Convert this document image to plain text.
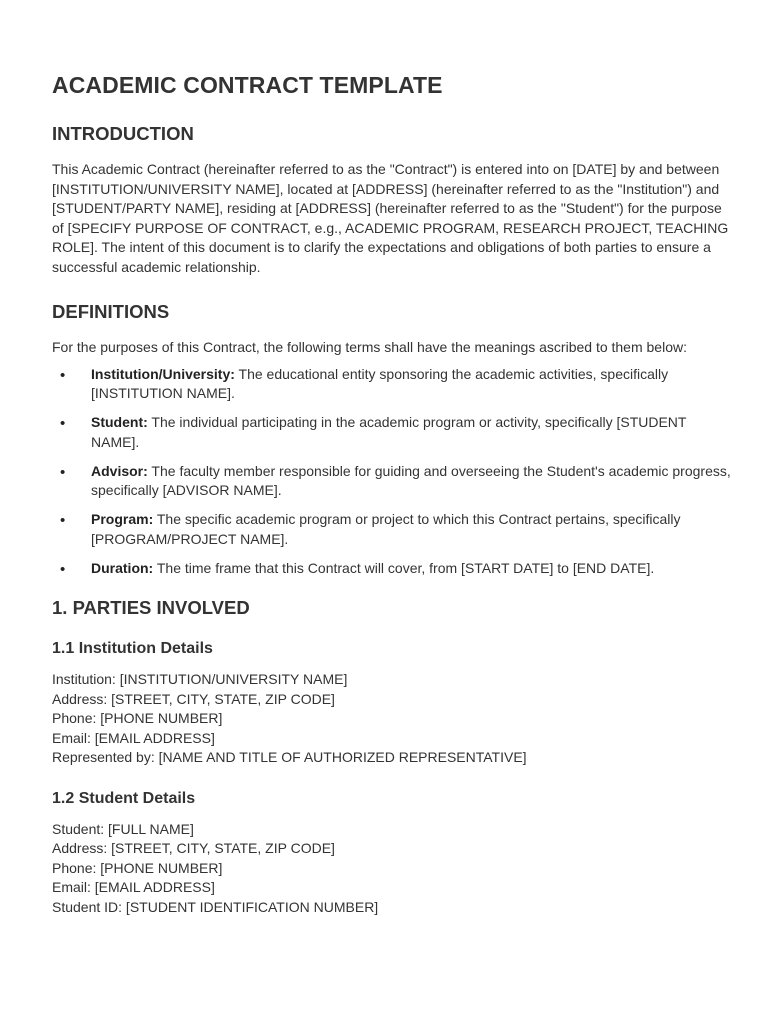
ACADEMIC CONTRACT TEMPLATE
INTRODUCTION

This Academic Contract (hereinafter referred to as the "Contract") is entered into on [DATE] by and between [INSTITUTION/UNIVERSITY NAME], located at [ADDRESS] (hereinafter referred to as the "Institution") and [STUDENT/PARTY NAME], residing at [ADDRESS] (hereinafter referred to as the "Student") for the purpose of [SPECIFY PURPOSE OF CONTRACT, e.g., ACADEMIC PROGRAM, RESEARCH PROJECT, TEACHING ROLE]. The intent of this document is to clarify the expectations and obligations of both parties to ensure a successful academic relationship.

DEFINITIONS

For the purposes of this Contract, the following terms shall have the meanings ascribed to them below:

• Institution/University: The educational entity sponsoring the academic activities, specifically [INSTITUTION NAME].
• Student: The individual participating in the academic program or activity, specifically [STUDENT NAME].
• Advisor: The faculty member responsible for guiding and overseeing the Student's academic progress, specifically [ADVISOR NAME].
• Program: The specific academic program or project to which this Contract pertains, specifically [PROGRAM/PROJECT NAME].
• Duration: The time frame that this Contract will cover, from [START DATE] to [END DATE].
1. PARTIES INVOLVED
1.1 Institution Details
Institution: [INSTITUTION/UNIVERSITY NAME]
Address: [STREET, CITY, STATE, ZIP CODE]
Phone: [PHONE NUMBER]
Email: [EMAIL ADDRESS]
Represented by: [NAME AND TITLE OF AUTHORIZED REPRESENTATIVE]
1.2 Student Details
Student: [FULL NAME]
Address: [STREET, CITY, STATE, ZIP CODE]
Phone: [PHONE NUMBER]
Email: [EMAIL ADDRESS]
Student ID: [STUDENT IDENTIFICATION NUMBER]
